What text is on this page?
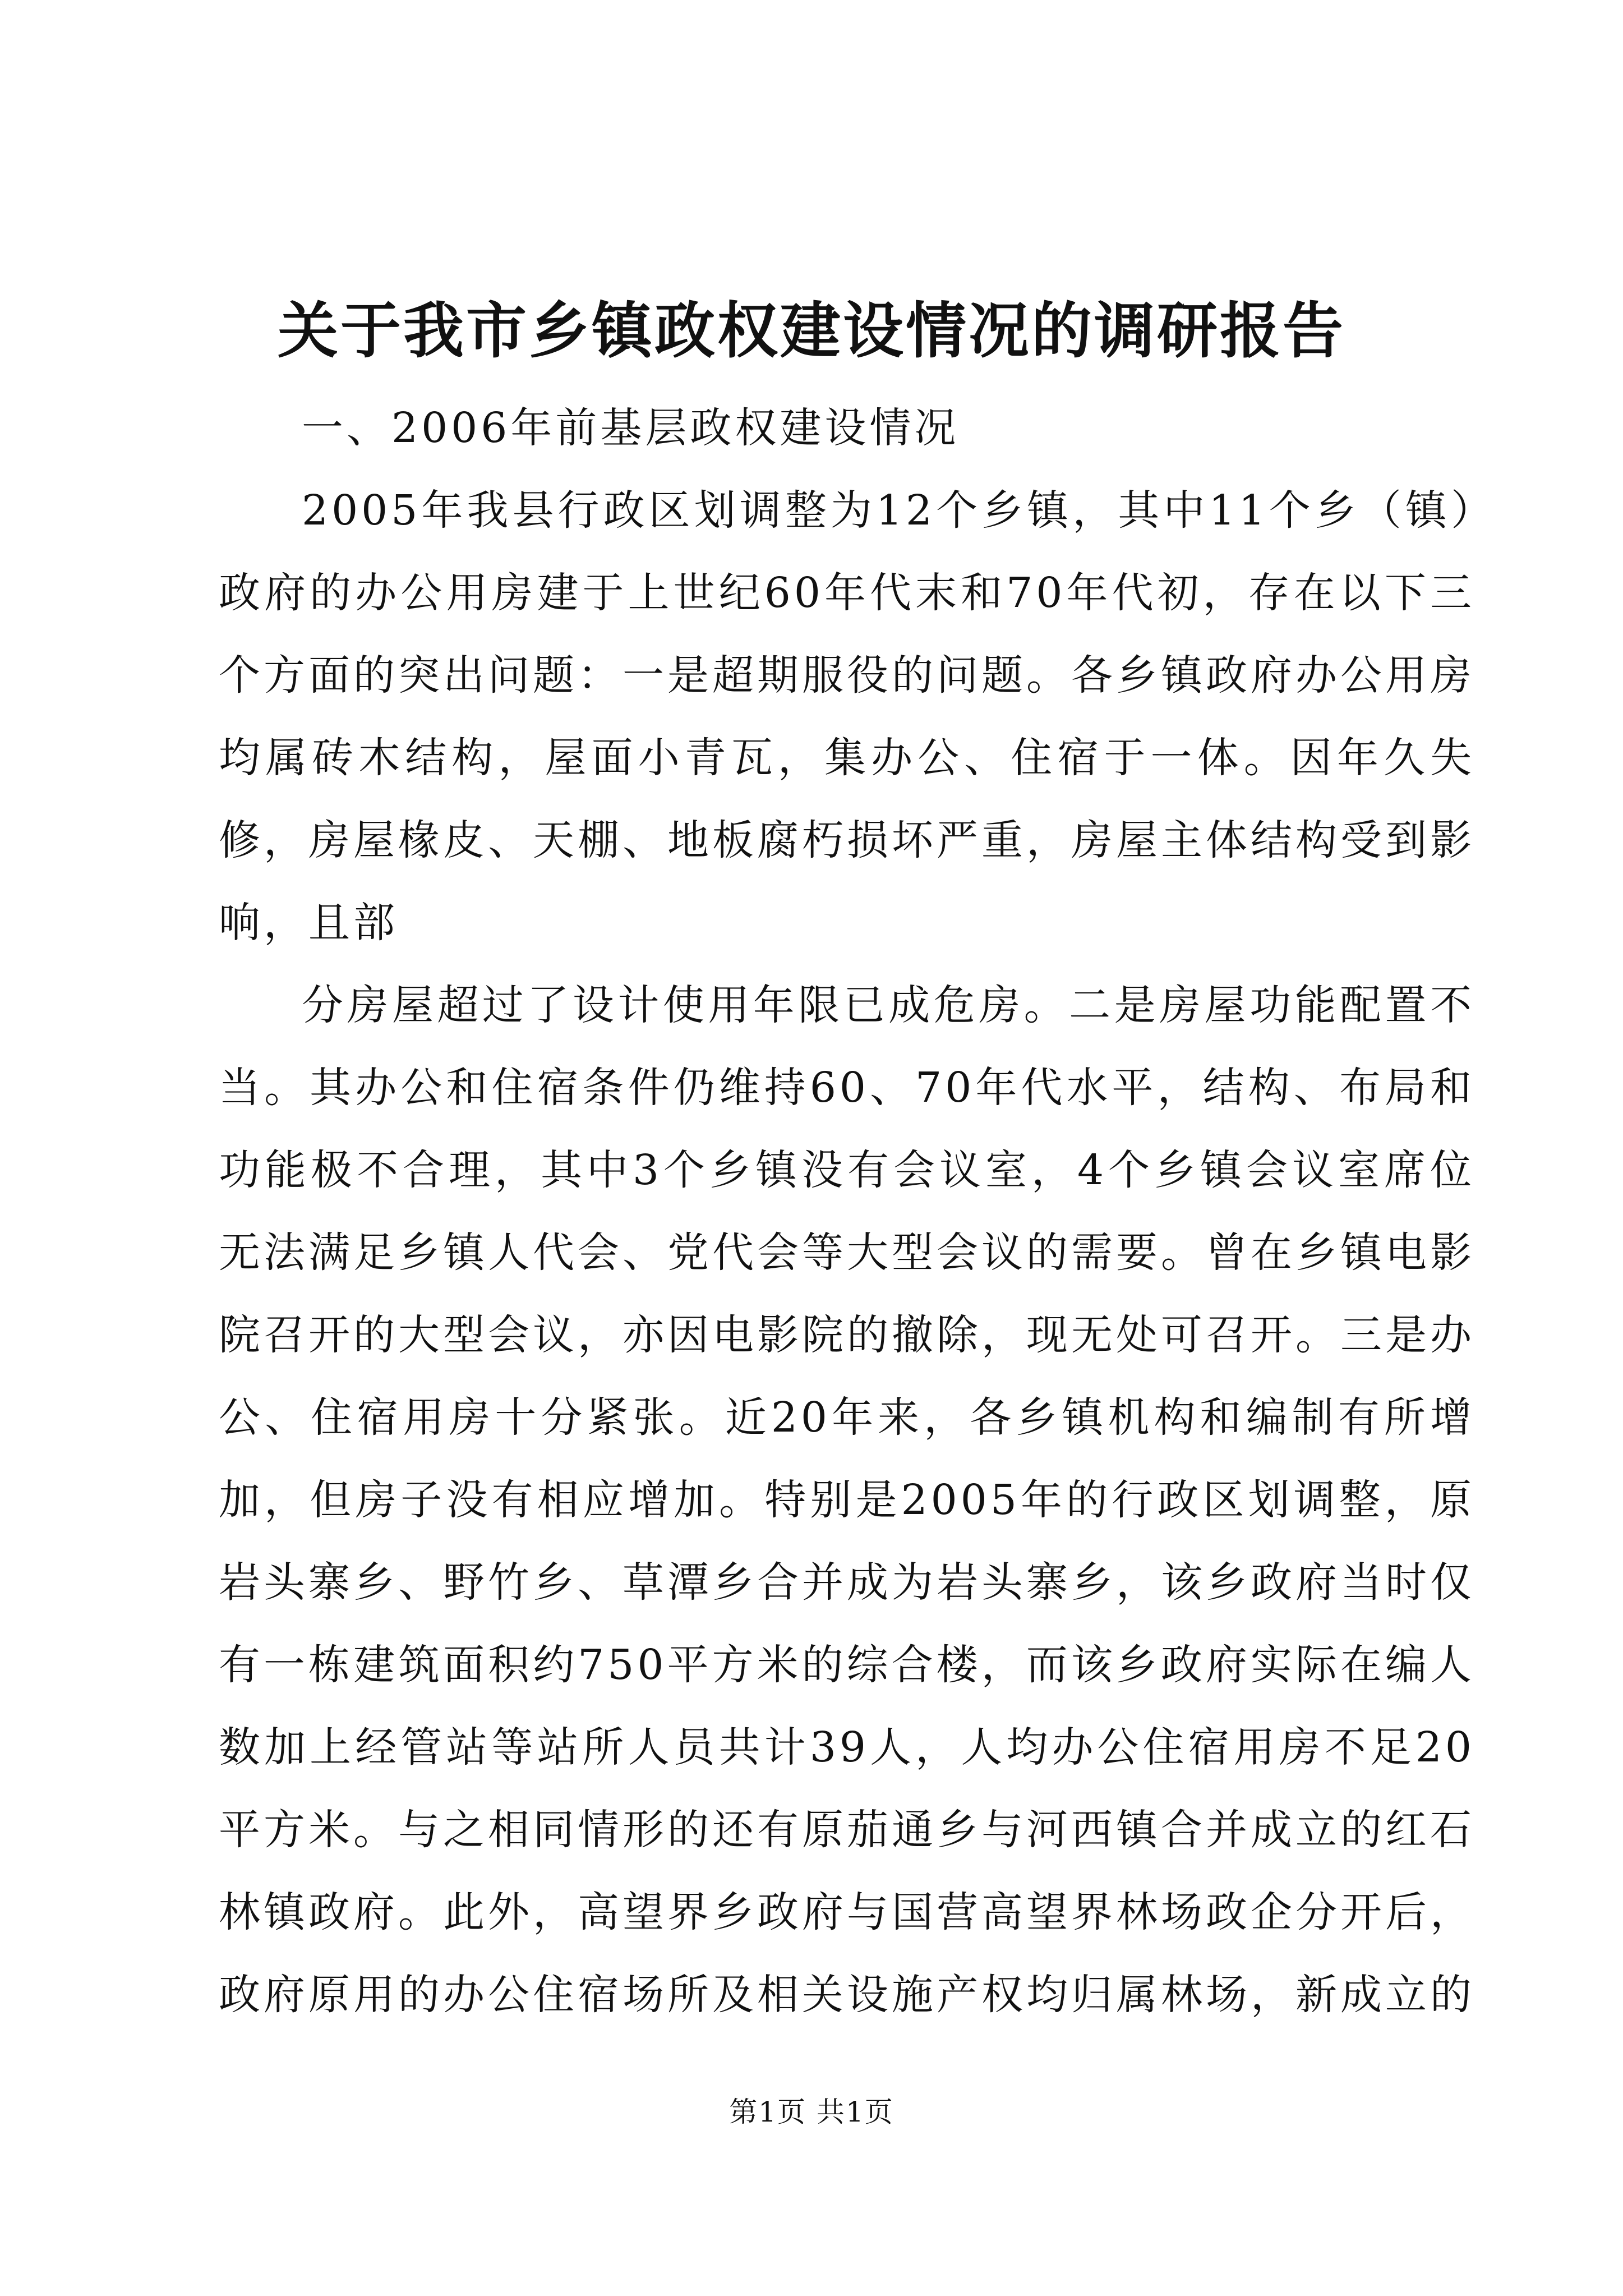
关于我市乡镇政权建设情况的调研报告

一、2006年前基层政权建设情况

2005年我县行政区划调整为12个乡镇，其中11个乡（镇）政府的办公用房建于上世纪60年代末和70年代初，存在以下三个方面的突出问题：一是超期服役的问题。各乡镇政府办公用房均属砖木结构，屋面小青瓦，集办公、住宿于一体。因年久失修，房屋椽皮、天棚、地板腐朽损坏严重，房屋主体结构受到影响，且部

分房屋超过了设计使用年限已成危房。二是房屋功能配置不当。其办公和住宿条件仍维持60、70年代水平，结构、布局和功能极不合理，其中3个乡镇没有会议室，4个乡镇会议室席位无法满足乡镇人代会、党代会等大型会议的需要。曾在乡镇电影院召开的大型会议，亦因电影院的撤除，现无处可召开。三是办公、住宿用房十分紧张。近20年来，各乡镇机构和编制有所增加，但房子没有相应增加。特别是2005年的行政区划调整，原岩头寨乡、野竹乡、草潭乡合并成为岩头寨乡，该乡政府当时仅有一栋建筑面积约750平方米的综合楼，而该乡政府实际在编人数加上经管站等站所人员共计39人，人均办公住宿用房不足20平方米。与之相同情形的还有原茄通乡与河西镇合并成立的红石林镇政府。此外，高望界乡政府与国营高望界林场政企分开后，政府原用的办公住宿场所及相关设施产权均归属林场，新成立的

第1页 共1页
